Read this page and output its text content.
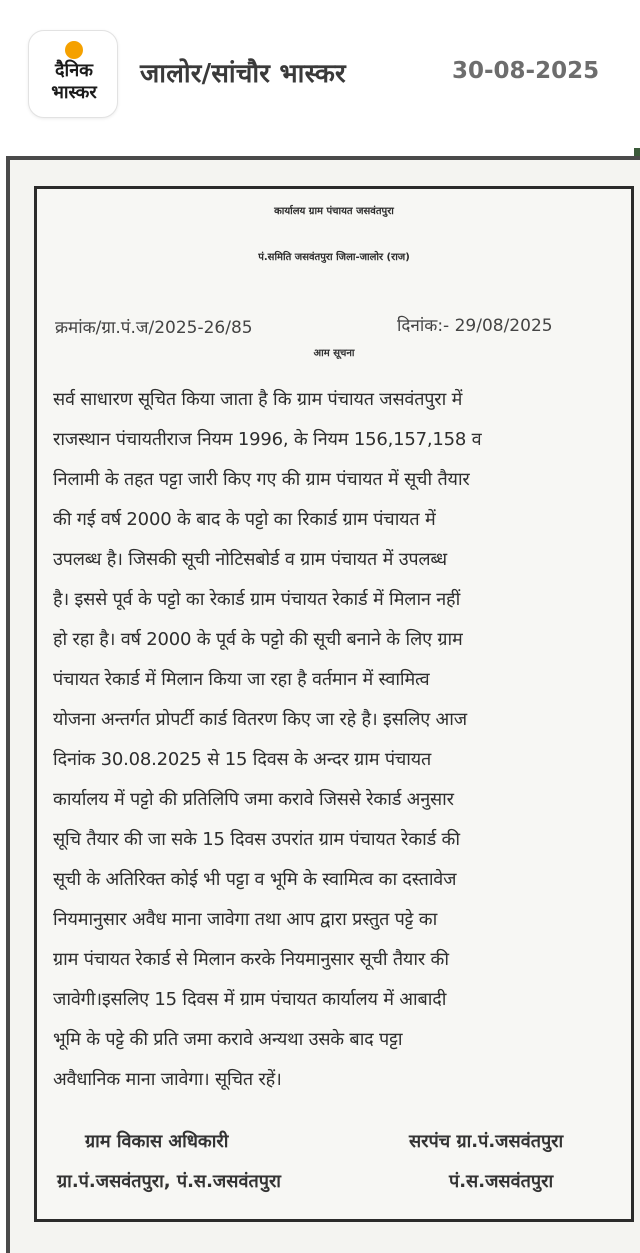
दैनिक
भास्कर
जालोर/सांचौर भास्कर	30-08-2025
कार्यालय ग्राम पंचायत जसवंतपुरा
पं.समिति जसवंतपुरा जिला-जालोर (राज)
क्रमांक/ग्रा.पं.ज/2025-26/85	दिनांक:- 29/08/2025
आम सूचना
सर्व साधारण सूचित किया जाता है कि ग्राम पंचायत जसवंतपुरा में
राजस्थान पंचायतीराज नियम 1996, के नियम 156,157,158 व
निलामी के तहत पट्टा जारी किए गए की ग्राम पंचायत में सूची तैयार
की गई वर्ष 2000 के बाद के पट्टो का रिकार्ड ग्राम पंचायत में
उपलब्ध है। जिसकी सूची नोटिसबोर्ड व ग्राम पंचायत में उपलब्ध
है। इससे पूर्व के पट्टो का रेकार्ड ग्राम पंचायत रेकार्ड में मिलान नहीं
हो रहा है। वर्ष 2000 के पूर्व के पट्टो की सूची बनाने के लिए ग्राम
पंचायत रेकार्ड में मिलान किया जा रहा है वर्तमान में स्वामित्व
योजना अन्तर्गत प्रोपर्टी कार्ड वितरण किए जा रहे है। इसलिए आज
दिनांक 30.08.2025 से 15 दिवस के अन्दर ग्राम पंचायत
कार्यालय में पट्टो की प्रतिलिपि जमा करावे जिससे रेकार्ड अनुसार
सूचि तैयार की जा सके 15 दिवस उपरांत ग्राम पंचायत रेकार्ड की
सूची के अतिरिक्त कोई भी पट्टा व भूमि के स्वामित्व का दस्तावेज
नियमानुसार अवैध माना जावेगा तथा आप द्वारा प्रस्तुत पट्टे का
ग्राम पंचायत रेकार्ड से मिलान करके नियमानुसार सूची तैयार की
जावेगी।इसलिए 15 दिवस में ग्राम पंचायत कार्यालय में आबादी
भूमि के पट्टे की प्रति जमा करावे अन्यथा उसके बाद पट्टा
अवैधानिक माना जावेगा। सूचित रहें।
ग्राम विकास अधिकारी
ग्रा.पं.जसवंतपुरा, पं.स.जसवंतपुरा
सरपंच ग्रा.पं.जसवंतपुरा
पं.स.जसवंतपुरा
